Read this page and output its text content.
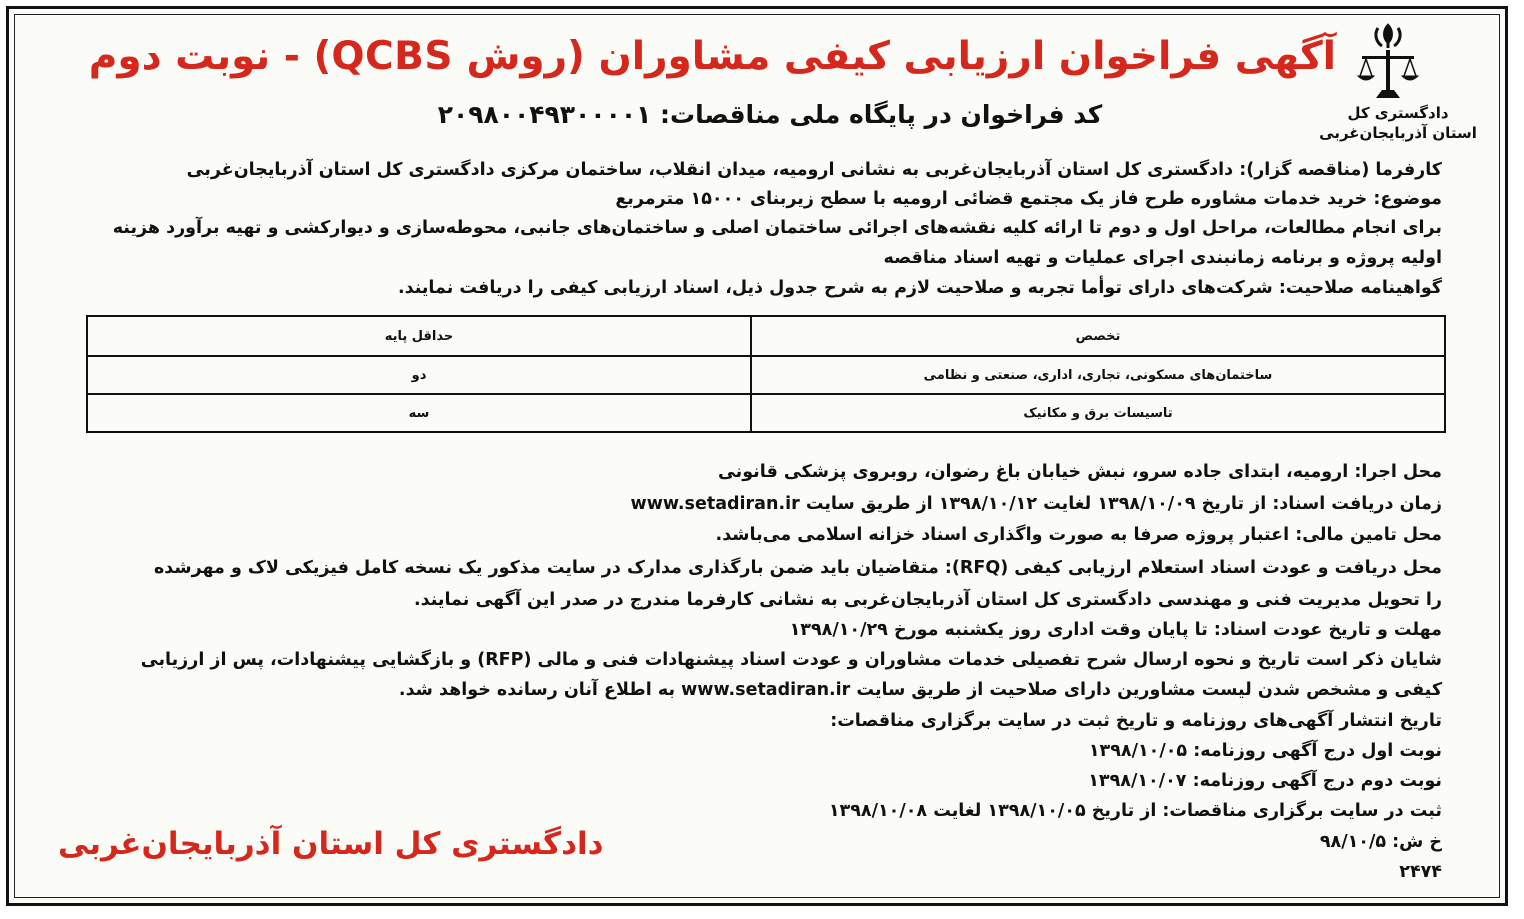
دادگستری کل
استان آذربایجان‌غربی
آگهی فراخوان ارزیابی کیفی مشاوران (روش QCBS) - نوبت دوم
کد فراخوان در پایگاه ملی مناقصات: ۲۰۹۸۰۰۴۹۳۰۰۰۰۱
کارفرما (مناقصه گزار): دادگستری کل استان آذربایجان‌غربی به نشانی ارومیه، میدان انقلاب، ساختمان مرکزی دادگستری کل استان آذربایجان‌غربی
موضوع: خرید خدمات مشاوره طرح فاز یک مجتمع قضائی ارومیه با سطح زیربنای ۱۵۰۰۰ مترمربع
برای انجام مطالعات، مراحل اول و دوم تا ارائه کلیه نقشه‌های اجرائی ساختمان اصلی و ساختمان‌های جانبی، محوطه‌سازی و دیوارکشی و تهیه برآورد هزینه
اولیه پروژه و برنامه زمانبندی اجرای عملیات و تهیه اسناد مناقصه
گواهینامه صلاحیت: شرکت‌های دارای توأما تجربه و صلاحیت لازم به شرح جدول ذیل، اسناد ارزیابی کیفی را دریافت نمایند.
تخصص	حداقل پایه
ساختمان‌های مسکونی، تجاری، اداری، صنعتی و نظامی	دو
تاسیسات برق و مکانیک	سه
محل اجرا: ارومیه، ابتدای جاده سرو، نبش خیابان باغ رضوان، روبروی پزشکی قانونی
زمان دریافت اسناد: از تاریخ ۱۳۹۸/۱۰/۰۹ لغایت ۱۳۹۸/۱۰/۱۲ از طریق سایت www.setadiran.ir
محل تامین مالی: اعتبار پروژه صرفا به صورت واگذاری اسناد خزانه اسلامی می‌باشد.
محل دریافت و عودت اسناد استعلام ارزیابی کیفی (RFQ): متقاضیان باید ضمن بارگذاری مدارک در سایت مذکور یک نسخه کامل فیزیکی لاک و مهرشده
را تحویل مدیریت فنی و مهندسی دادگستری کل استان آذربایجان‌غربی به نشانی کارفرما مندرج در صدر این آگهی نمایند.
مهلت و تاریخ عودت اسناد: تا پایان وقت اداری روز یکشنبه مورخ ۱۳۹۸/۱۰/۲۹
شایان ذکر است تاریخ و نحوه ارسال شرح تفصیلی خدمات مشاوران و عودت اسناد پیشنهادات فنی و مالی (RFP) و بازگشایی پیشنهادات، پس از ارزیابی
کیفی و مشخص شدن لیست مشاورین دارای صلاحیت از طریق سایت www.setadiran.ir به اطلاع آنان رسانده خواهد شد.
تاریخ انتشار آگهی‌های روزنامه و تاریخ ثبت در سایت برگزاری مناقصات:
نوبت اول درج آگهی روزنامه: ۱۳۹۸/۱۰/۰۵
نوبت دوم درج آگهی روزنامه: ۱۳۹۸/۱۰/۰۷
ثبت در سایت برگزاری مناقصات: از تاریخ ۱۳۹۸/۱۰/۰۵ لغایت ۱۳۹۸/۱۰/۰۸
خ ش: ۹۸/۱۰/۵
۲۴۷۴
دادگستری کل استان آذربایجان‌غربی
